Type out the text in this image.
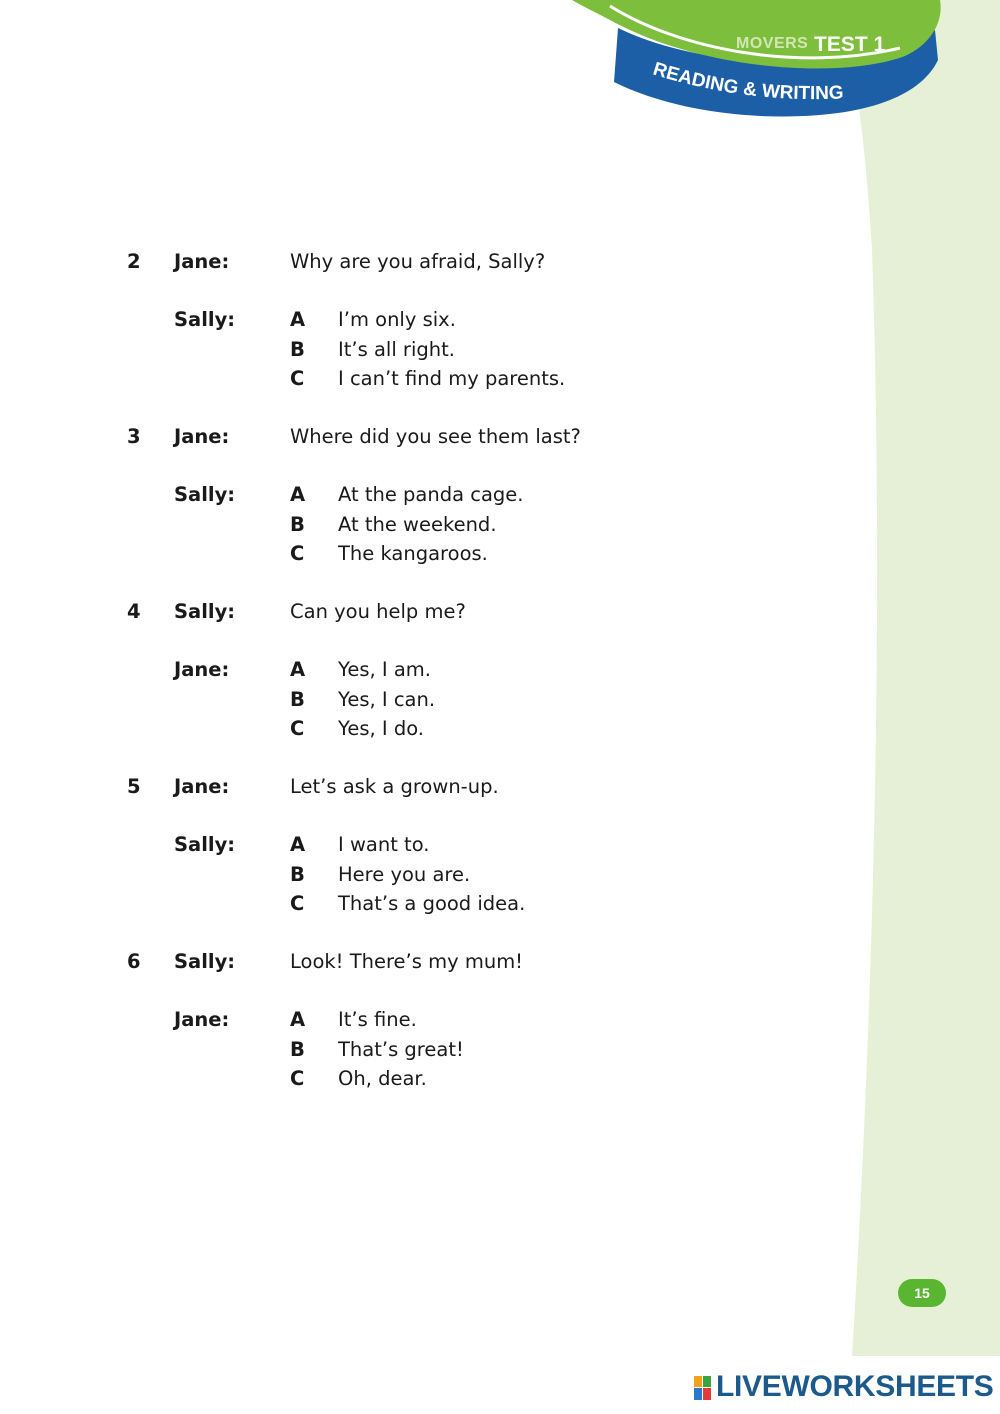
MOVERS TEST 1
READING & WRITING
2 Jane:	Why are you afraid, Sally?
Sally:	A I’m only six.
B It’s all right.
C I can’t find my parents.
3 Jane:	Where did you see them last?
Sally:	A At the panda cage.
B At the weekend.
C The kangaroos.
4 Sally:	Can you help me?
Jane:	A Yes, I am.
B Yes, I can.
C Yes, I do.
5 Jane:	Let’s ask a grown-up.
Sally:	A I want to.
B Here you are.
C That’s a good idea.
6 Sally:	Look! There’s my mum!
Jane:	A It’s fine.
B That’s great!
C Oh, dear.
15
LIVEWORKSHEETS
